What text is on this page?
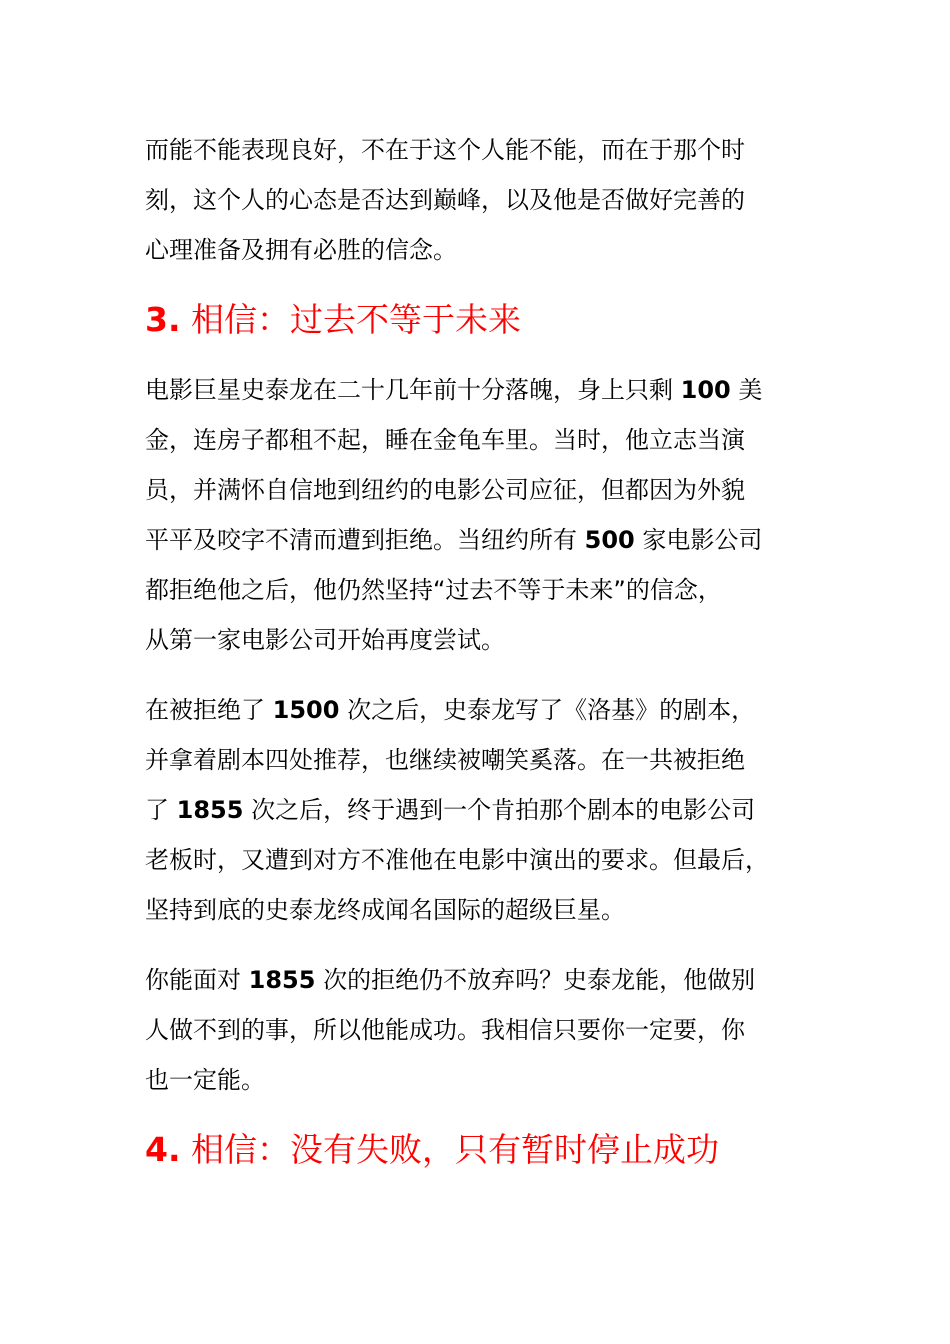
而能不能表现良好，不在于这个人能不能，而在于那个时
刻，这个人的心态是否达到巅峰，以及他是否做好完善的
心理准备及拥有必胜的信念。
3. 相信：过去不等于未来
电影巨星史泰龙在二十几年前十分落魄，身上只剩 100 美
金，连房子都租不起，睡在金龟车里。当时，他立志当演
员，并满怀自信地到纽约的电影公司应征，但都因为外貌
平平及咬字不清而遭到拒绝。当纽约所有 500 家电影公司
都拒绝他之后，他仍然坚持“过去不等于未来”的信念，
从第一家电影公司开始再度尝试。
在被拒绝了 1500 次之后，史泰龙写了《洛基》的剧本，
并拿着剧本四处推荐，也继续被嘲笑奚落。在一共被拒绝
了 1855 次之后，终于遇到一个肯拍那个剧本的电影公司
老板时，又遭到对方不准他在电影中演出的要求。但最后，
坚持到底的史泰龙终成闻名国际的超级巨星。
你能面对 1855 次的拒绝仍不放弃吗？史泰龙能，他做别
人做不到的事，所以他能成功。我相信只要你一定要，你
也一定能。
4. 相信：没有失败，只有暂时停止成功
